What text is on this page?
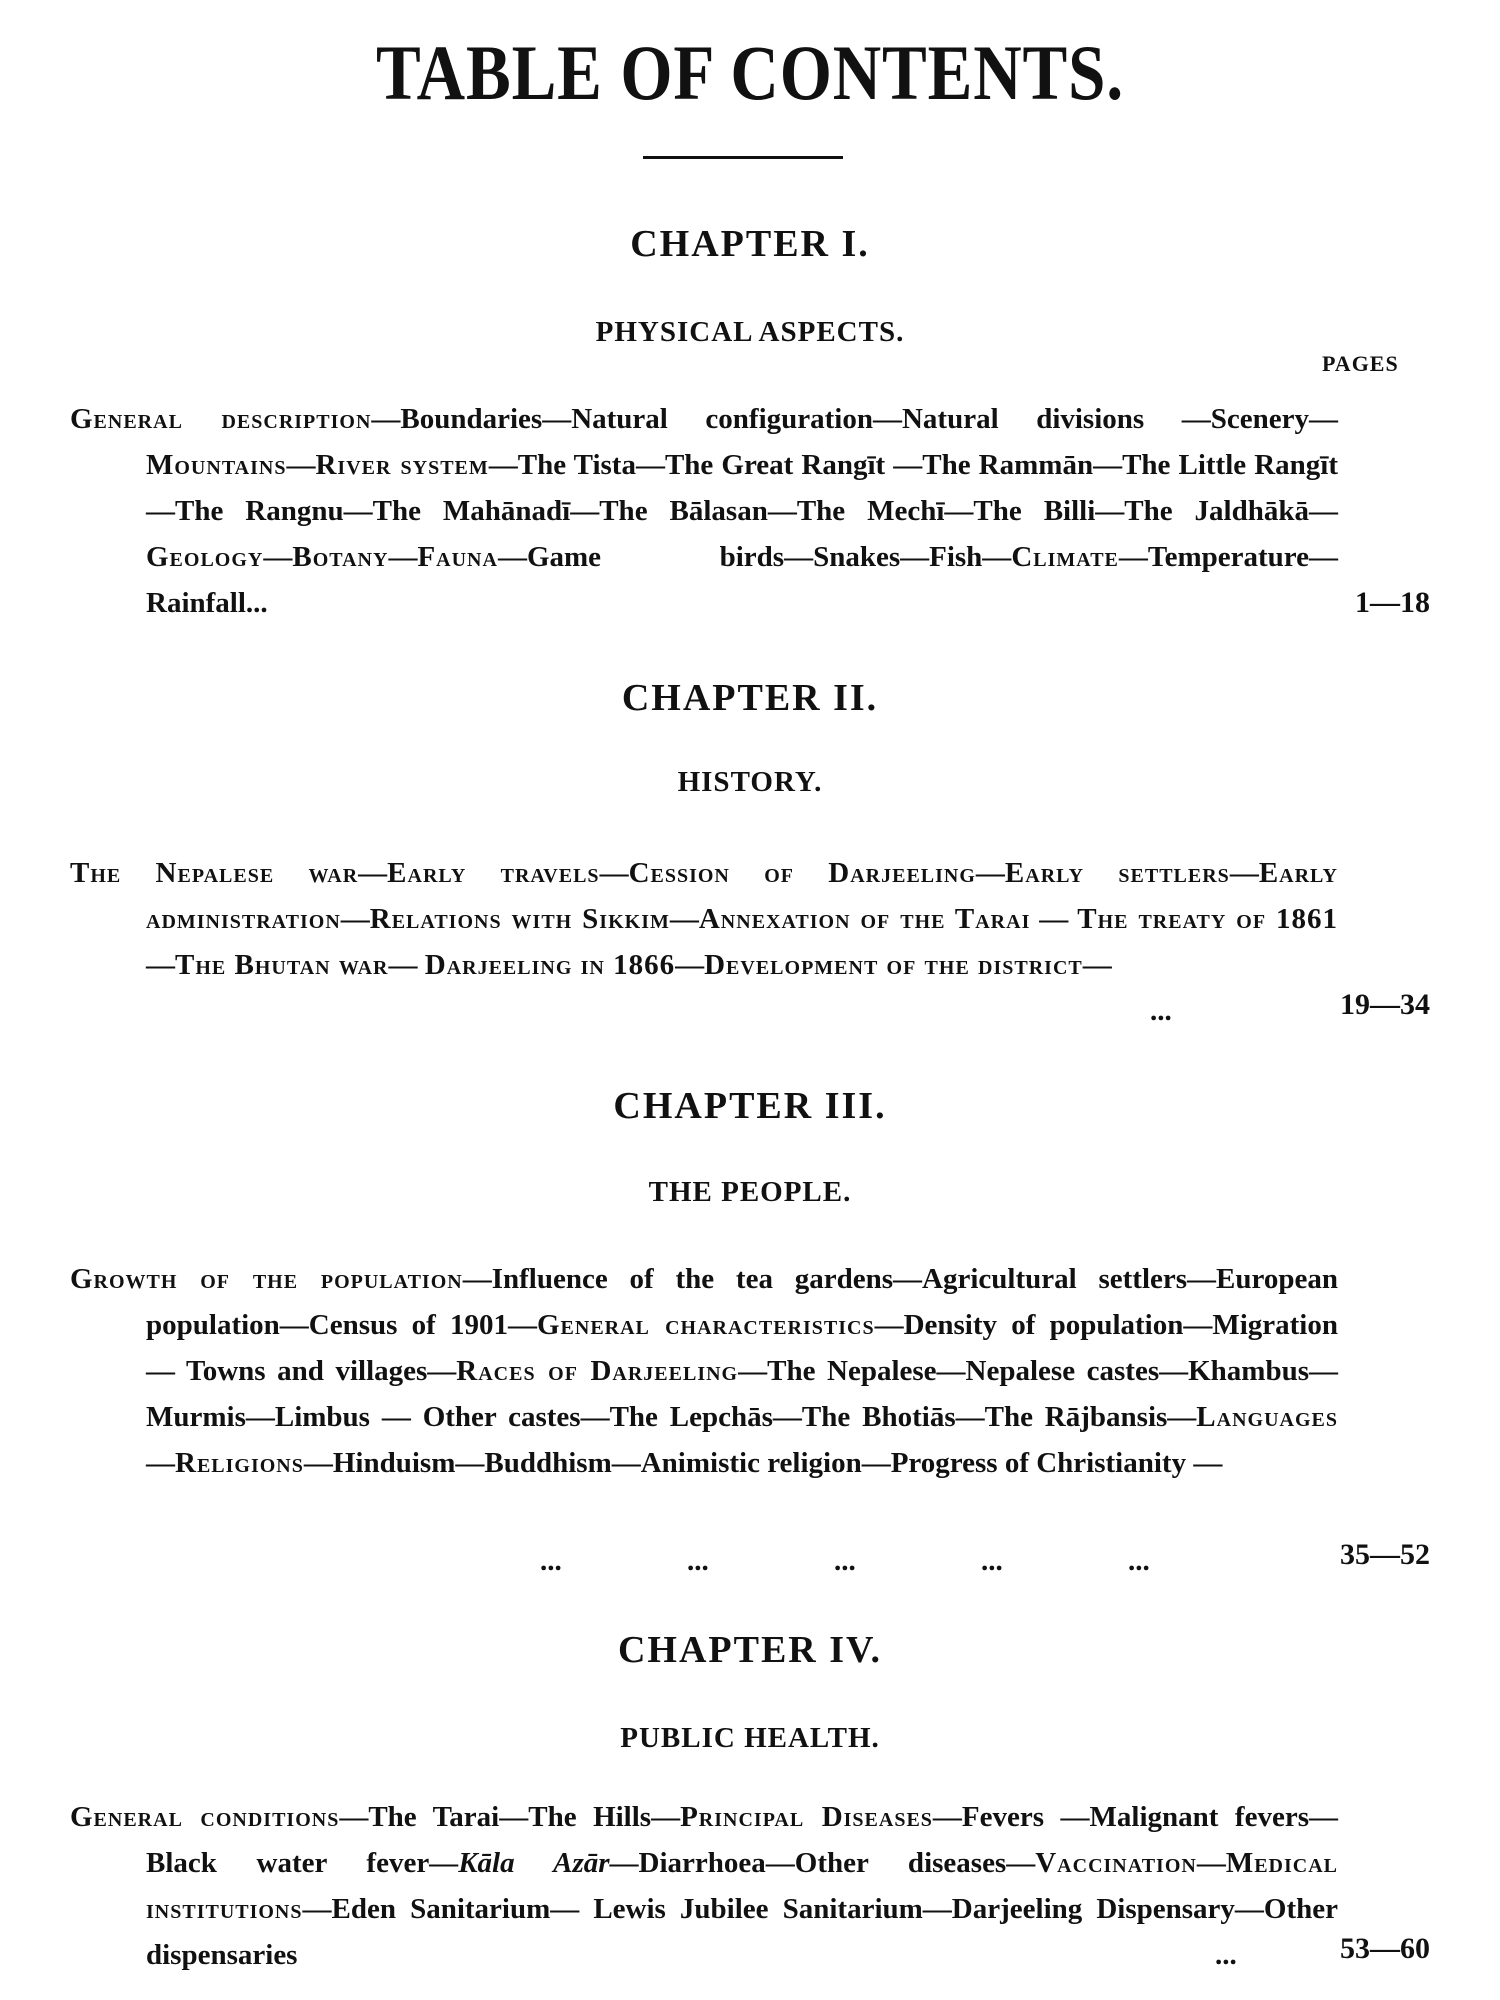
TABLE OF CONTENTS.
CHAPTER I.
PHYSICAL ASPECTS.
PAGES
General description—Boundaries—Natural configuration—Natural divisions —Scenery—Mountains—River system—The Tista—The Great Rangīt —The Rammān—The Little Rangīt—The Rangnu—The Mahānadī—The Bālasan—The Mechī—The Billi—The Jaldhākā—Geology—Botany—Fauna—Game birds—Snakes—Fish—Climate—Temperature—Rainfall...	1—18
CHAPTER II.
HISTORY.
The Nepalese war—Early travels—Cession of Darjeeling—Early settlers—Early administration—Relations with Sikkim—Annexation of the Tarai — The treaty of 1861—The Bhutan war— Darjeeling in 1866—Development of the district—
...	19—34
CHAPTER III.
THE PEOPLE.
Growth of the population—Influence of the tea gardens—Agricultural settlers—European population—Census of 1901—General characteristics—Density of population—Migration — Towns and villages—Races of Darjeeling—The Nepalese—Nepalese castes—Khambus—Murmis—Limbus — Other castes—The Lepchās—The Bhotiās—The Rājbansis—Languages —Religions—Hinduism—Buddhism—Animistic religion—Progress of Christianity —
... ... ... ... ...	35—52
CHAPTER IV.
PUBLIC HEALTH.
General conditions—The Tarai—The Hills—Principal Diseases—Fevers —Malignant fevers—Black water fever—Kāla Azār—Diarrhoea—Other diseases—Vaccination—Medical institutions—Eden Sanitarium— Lewis Jubilee Sanitarium—Darjeeling Dispensary—Other dispensaries	...	53—60
